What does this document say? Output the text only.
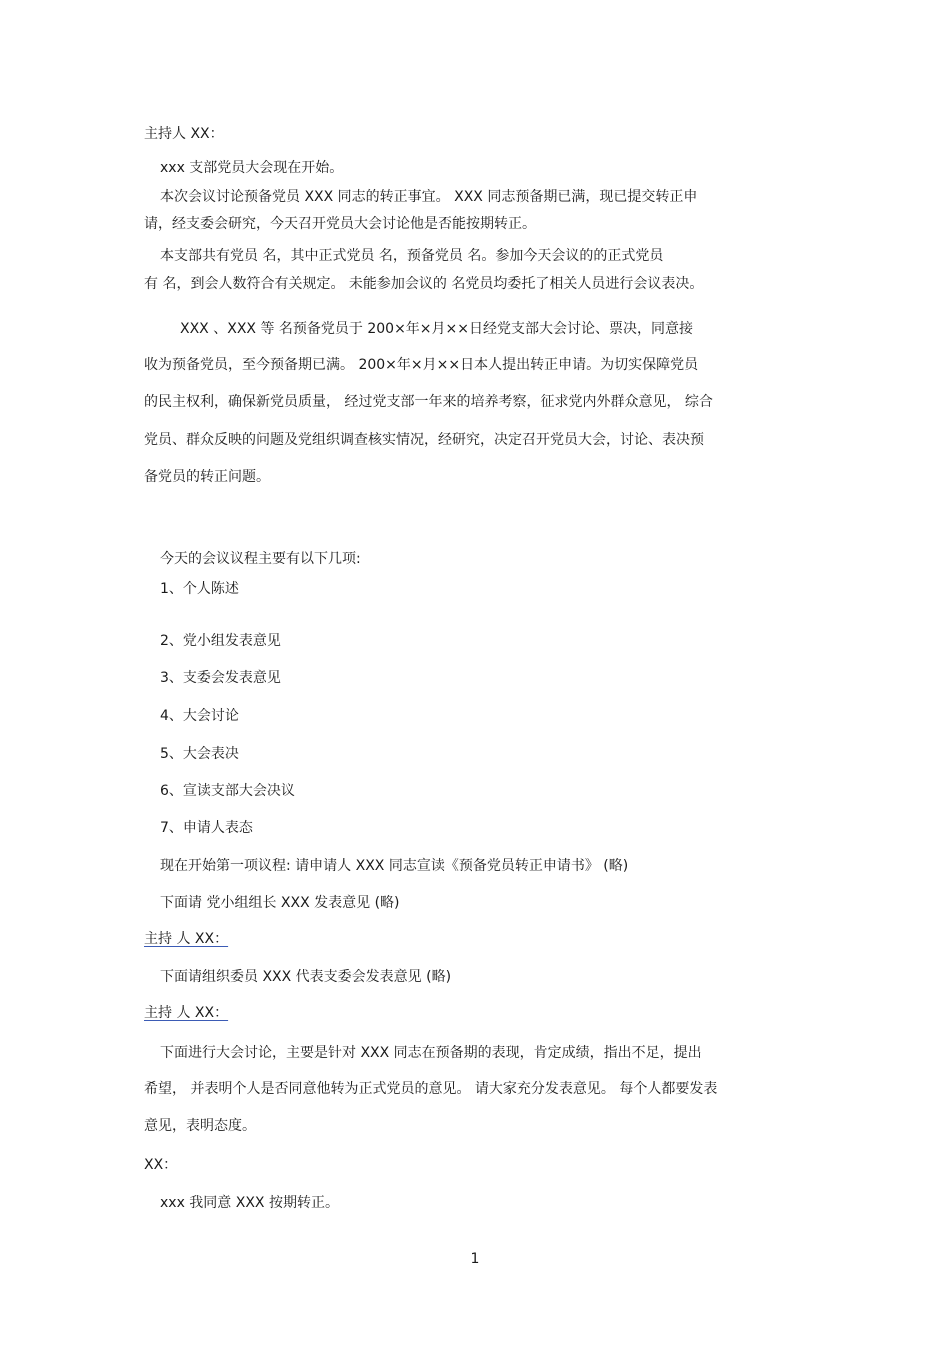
主持人 XX：

xxx 支部党员大会现在开始。

本次会议讨论预备党员 XXX 同志的转正事宜。 XXX 同志预备期已满，现已提交转正申

请，经支委会研究，今天召开党员大会讨论他是否能按期转正。

本支部共有党员 名，其中正式党员 名，预备党员 名。参加今天会议的的正式党员

有 名，到会人数符合有关规定。 未能参加会议的 名党员均委托了相关人员进行会议表决。

XXX 、XXX 等 名预备党员于 200×年×月××日经党支部大会讨论、票决，同意接

收为预备党员，至今预备期已满。 200×年×月××日本人提出转正申请。为切实保障党员

的民主权利，确保新党员质量， 经过党支部一年来的培养考察，征求党内外群众意见， 综合

党员、群众反映的问题及党组织调查核实情况，经研究，决定召开党员大会，讨论、表决预

备党员的转正问题。

今天的会议议程主要有以下几项:

1、个人陈述

2、党小组发表意见

3、支委会发表意见

4、大会讨论

5、大会表决

6、宣读支部大会决议

7、申请人表态

现在开始第一项议程: 请申请人 XXX 同志宣读《预备党员转正申请书》 (略)

下面请 党小组组长 XXX 发表意见 (略)

主持 人 XX：

下面请组织委员 XXX 代表支委会发表意见 (略)

主持 人 XX：

下面进行大会讨论，主要是针对 XXX 同志在预备期的表现，肯定成绩，指出不足，提出

希望， 并表明个人是否同意他转为正式党员的意见。 请大家充分发表意见。 每个人都要发表

意见，表明态度。

XX：

xxx 我同意 XXX 按期转正。

1
